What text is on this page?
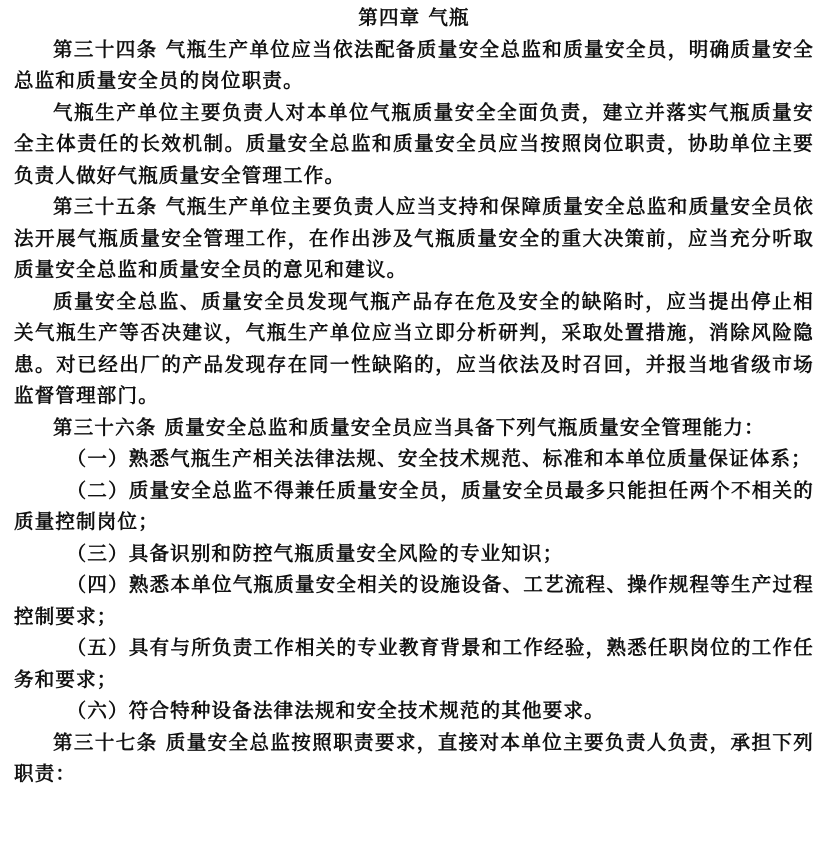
第四章 气瓶

第三十四条 气瓶生产单位应当依法配备质量安全总监和质量安全员，明确质量安全总监和质量安全员的岗位职责。

气瓶生产单位主要负责人对本单位气瓶质量安全全面负责，建立并落实气瓶质量安全主体责任的长效机制。质量安全总监和质量安全员应当按照岗位职责，协助单位主要负责人做好气瓶质量安全管理工作。

第三十五条 气瓶生产单位主要负责人应当支持和保障质量安全总监和质量安全员依法开展气瓶质量安全管理工作，在作出涉及气瓶质量安全的重大决策前，应当充分听取质量安全总监和质量安全员的意见和建议。

质量安全总监、质量安全员发现气瓶产品存在危及安全的缺陷时，应当提出停止相关气瓶生产等否决建议，气瓶生产单位应当立即分析研判，采取处置措施，消除风险隐患。对已经出厂的产品发现存在同一性缺陷的，应当依法及时召回，并报当地省级市场监督管理部门。

第三十六条 质量安全总监和质量安全员应当具备下列气瓶质量安全管理能力：

（一）熟悉气瓶生产相关法律法规、安全技术规范、标准和本单位质量保证体系；

（二）质量安全总监不得兼任质量安全员，质量安全员最多只能担任两个不相关的质量控制岗位；

（三）具备识别和防控气瓶质量安全风险的专业知识；

（四）熟悉本单位气瓶质量安全相关的设施设备、工艺流程、操作规程等生产过程控制要求；

（五）具有与所负责工作相关的专业教育背景和工作经验，熟悉任职岗位的工作任务和要求；

（六）符合特种设备法律法规和安全技术规范的其他要求。

第三十七条 质量安全总监按照职责要求，直接对本单位主要负责人负责，承担下列职责：
